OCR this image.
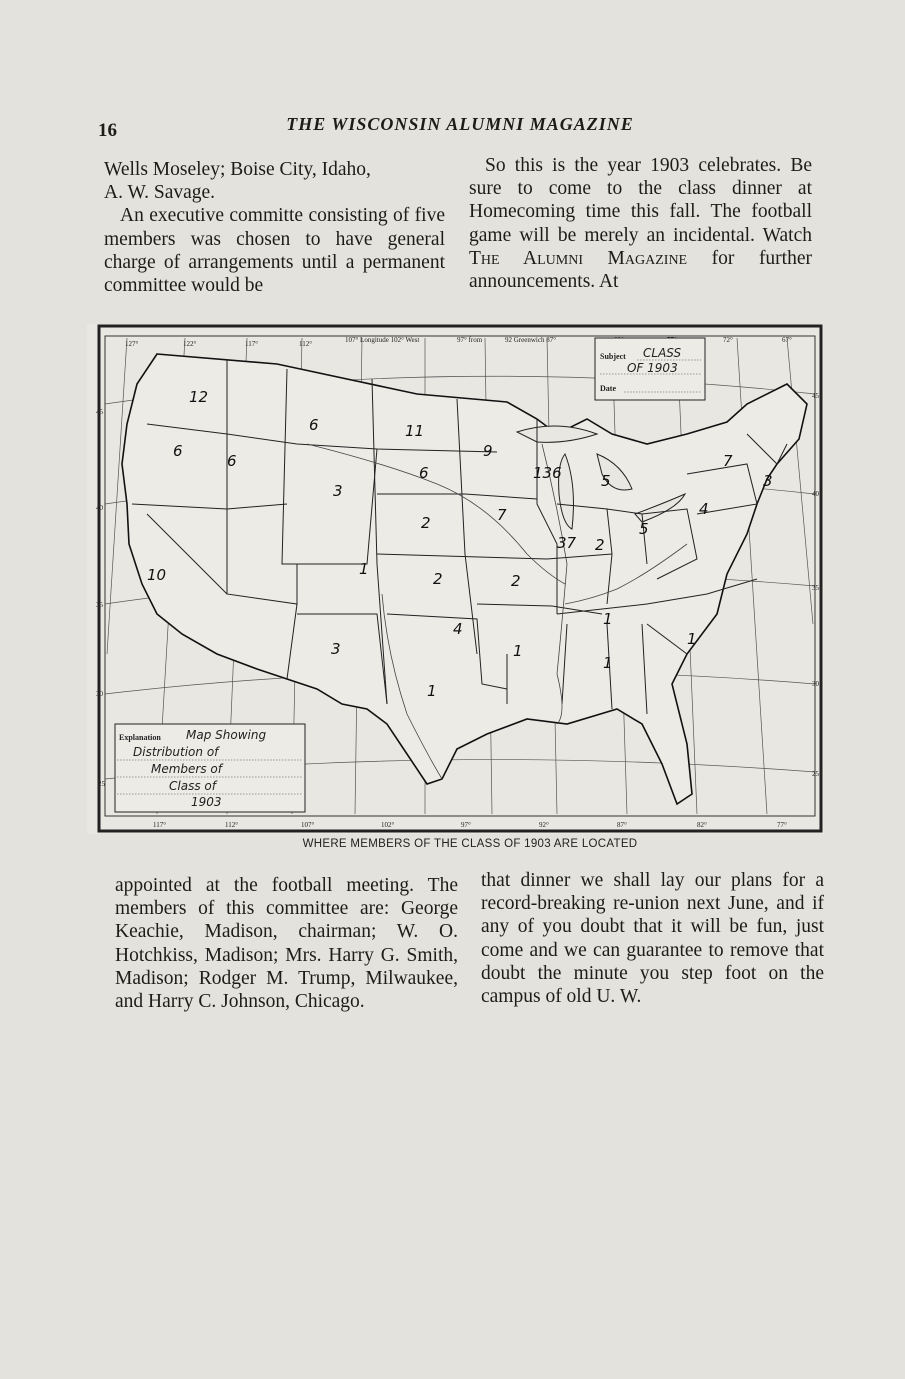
16	THE WISCONSIN ALUMNI MAGAZINE

Wells Moseley; Boise City, Idaho,

A. W. Savage.

An executive committe consisting of five members was chosen to have general charge of arrangements until a permanent committee would be

So this is the year 1903 celebrates. Be sure to come to the class dinner at Homecoming time this fall. The football game will be merely an incidental. Watch The Alumni Magazine for further announcements. At

127°	122°	117°	112°	107° Longitude 102° West	97° from	92 Greenwich 87°	72°	67°
117°	112°	107°	102°	97°	92°	87°	82°	77°
45
40
35
30
25
45
40
35
30
25
Subject CLASS
OF 1903
Date
Explanation Map Showing
Distribution of
Members of
Class of
1903
12
6
6
6	11
9
6
3
2	7
136	5
37 2
5
4
7
3
10	1
2	2
4
1
1
3
1
1
1
WHERE MEMBERS OF THE CLASS OF 1903 ARE LOCATED

appointed at the football meeting. The members of this committee are: George Keachie, Madison, chairman; W. O. Hotchkiss, Madison; Mrs. Harry G. Smith, Madison; Rodger M. Trump, Milwaukee, and Harry C. Johnson, Chicago.

that dinner we shall lay our plans for a record-breaking re-union next June, and if any of you doubt that it will be fun, just come and we can guarantee to remove that doubt the minute you step foot on the campus of old U. W.
